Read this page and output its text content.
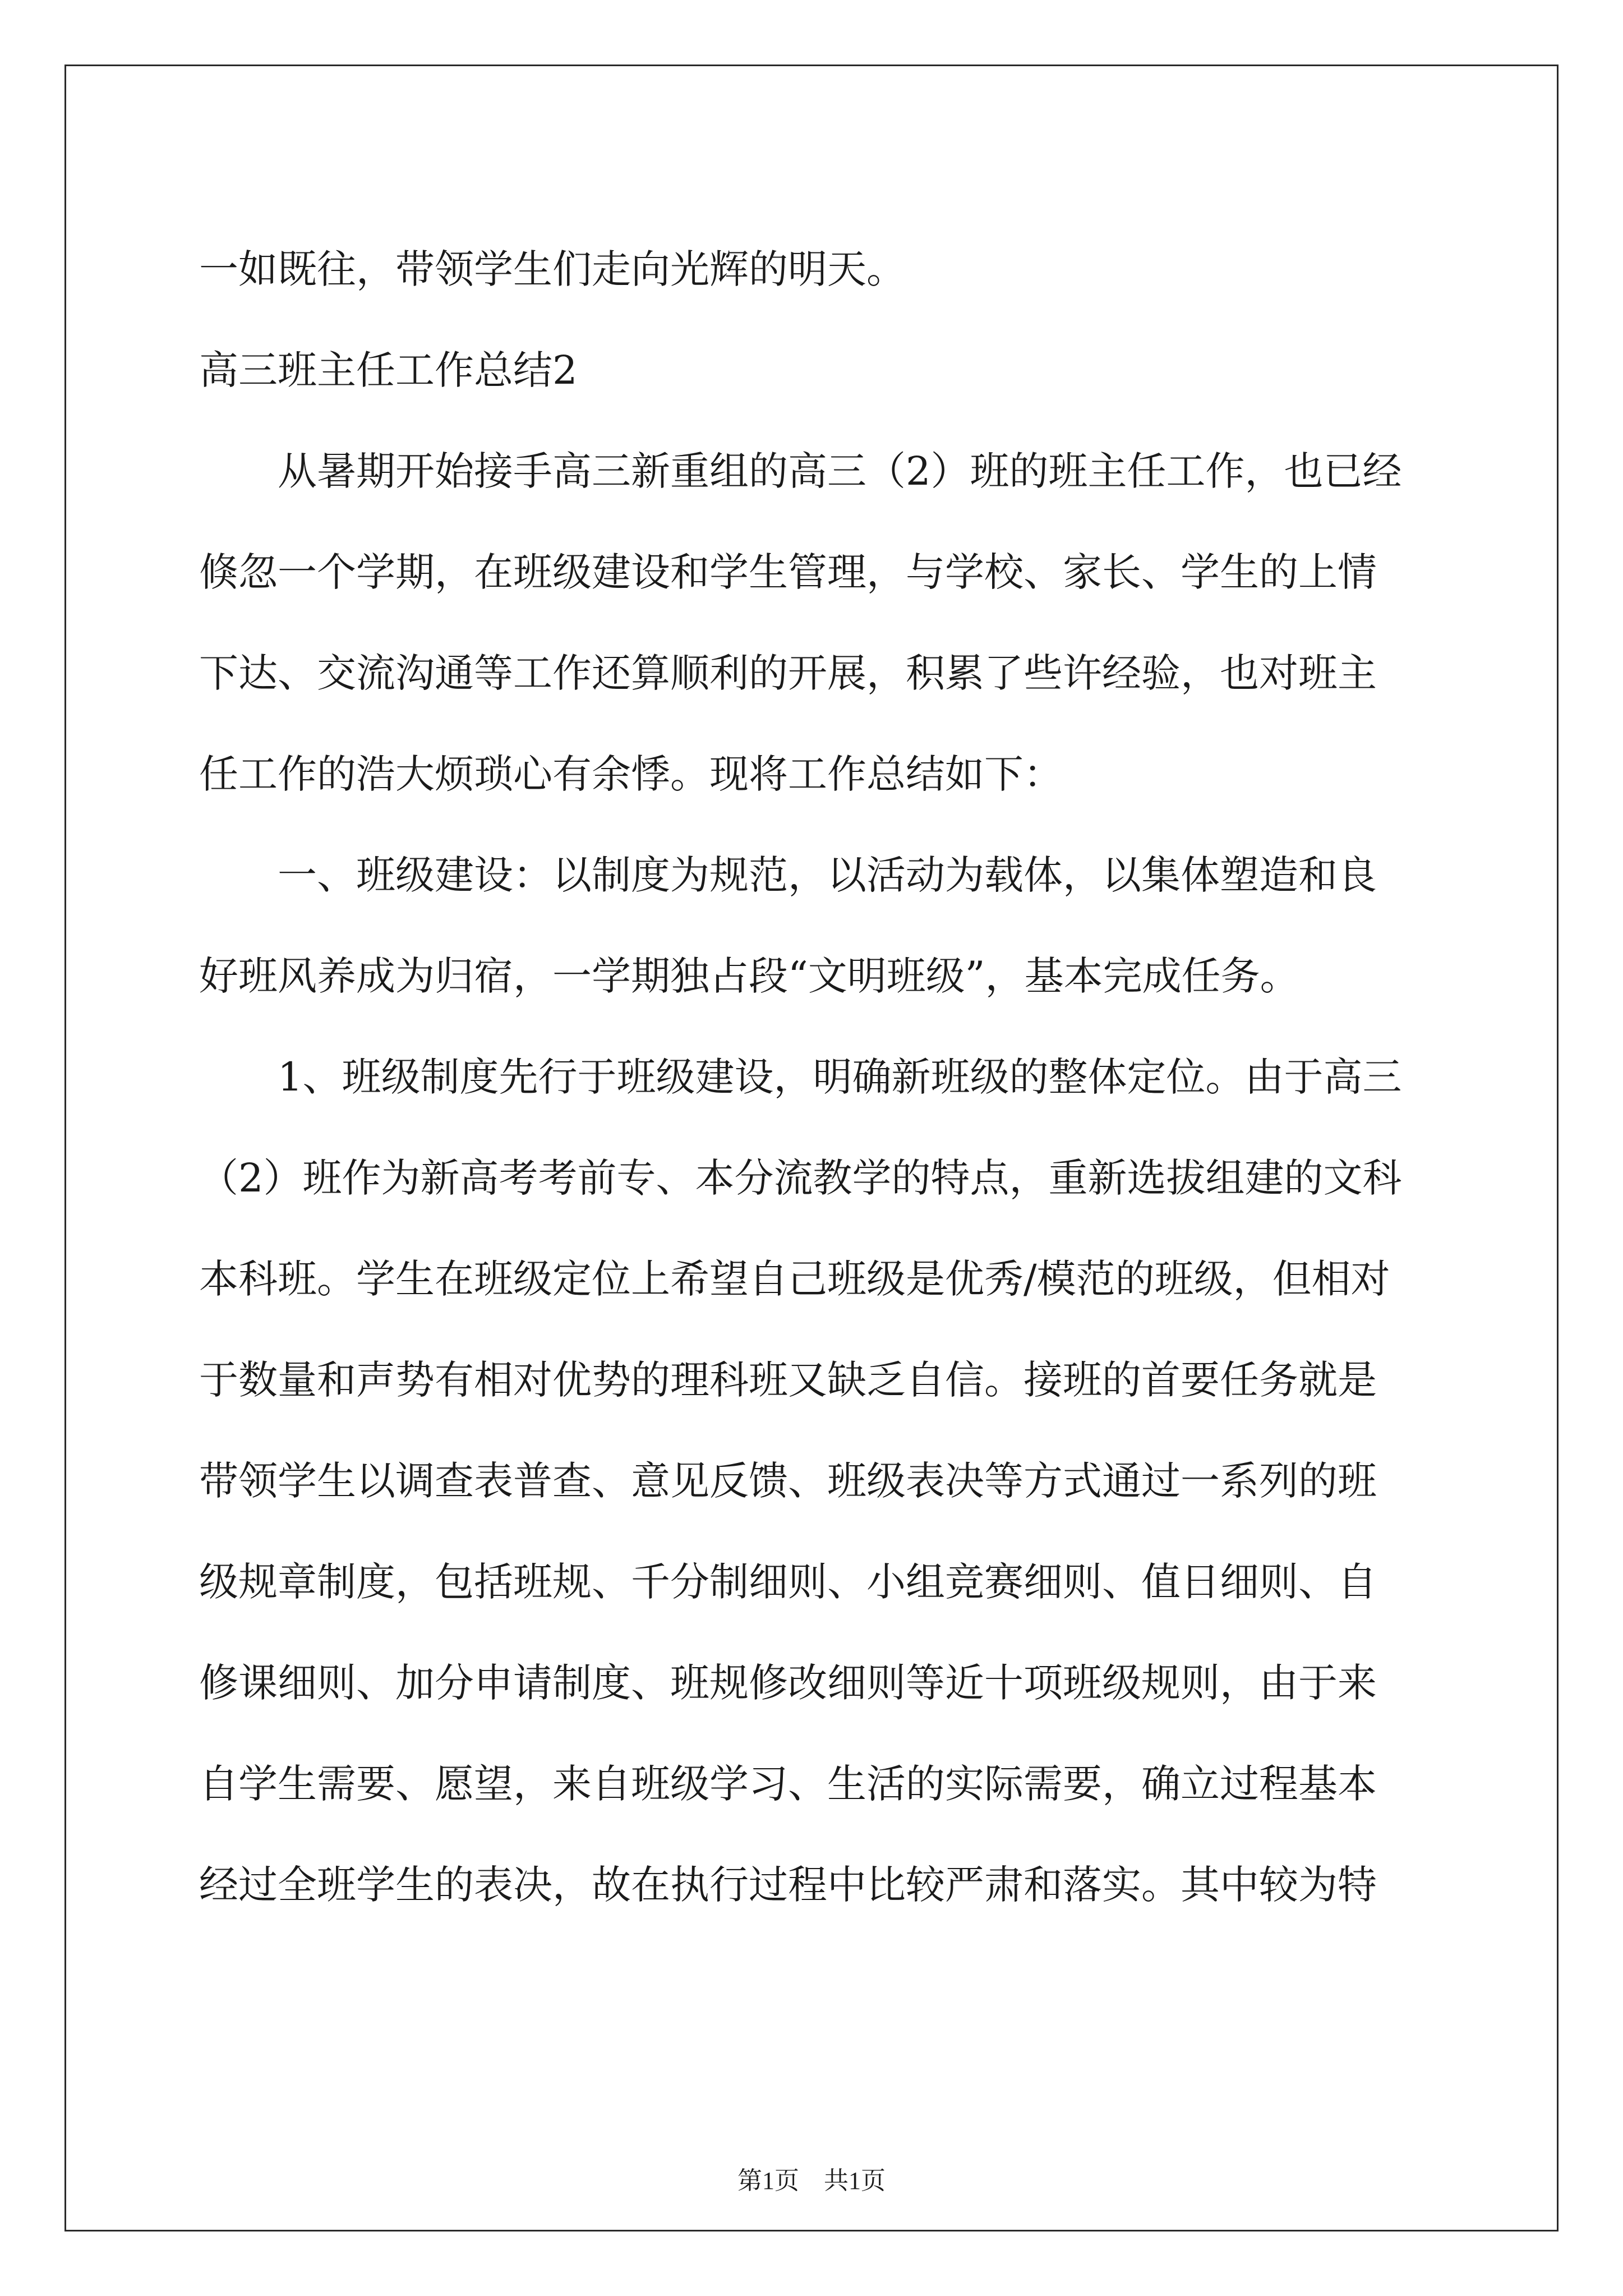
一如既往，带领学生们走向光辉的明天。
高三班主任工作总结2
从暑期开始接手高三新重组的高三（2）班的班主任工作，也已经
倏忽一个学期，在班级建设和学生管理，与学校、家长、学生的上情
下达、交流沟通等工作还算顺利的开展，积累了些许经验，也对班主
任工作的浩大烦琐心有余悸。现将工作总结如下：
一、班级建设：以制度为规范，以活动为载体，以集体塑造和良
好班风养成为归宿，一学期独占段“文明班级”，基本完成任务。
1、班级制度先行于班级建设，明确新班级的整体定位。由于高三
（2）班作为新高考考前专、本分流教学的特点，重新选拔组建的文科
本科班。学生在班级定位上希望自己班级是优秀/模范的班级，但相对
于数量和声势有相对优势的理科班又缺乏自信。接班的首要任务就是
带领学生以调查表普查、意见反馈、班级表决等方式通过一系列的班
级规章制度，包括班规、千分制细则、小组竞赛细则、值日细则、自
修课细则、加分申请制度、班规修改细则等近十项班级规则，由于来
自学生需要、愿望，来自班级学习、生活的实际需要，确立过程基本
经过全班学生的表决，故在执行过程中比较严肃和落实。其中较为特
第1页　共1页
